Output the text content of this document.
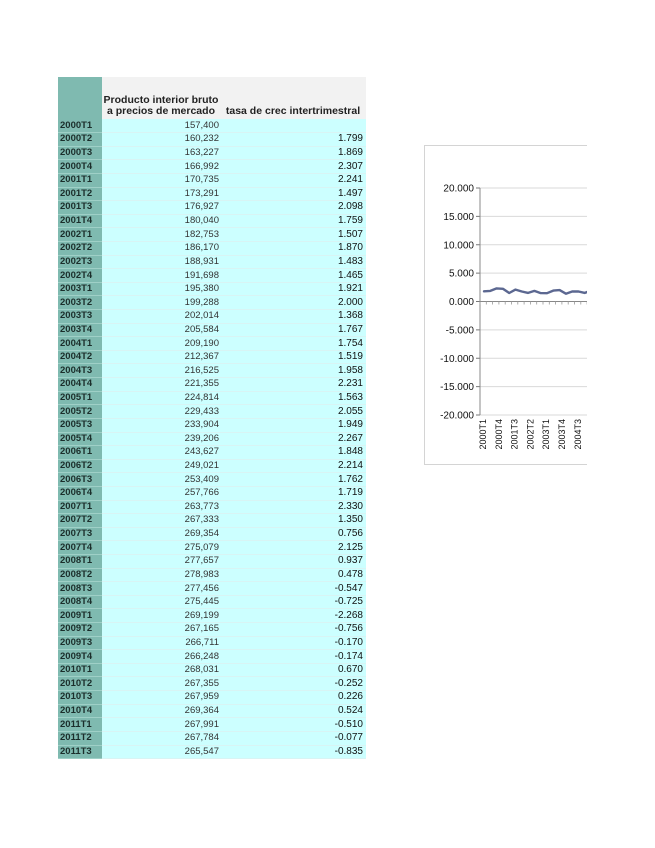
	Producto interior bruto a precios de mercado	tasa de crec intertrimestral
2000T1	157,400	
2000T2	160,232	1.799
2000T3	163,227	1.869
2000T4	166,992	2.307
2001T1	170,735	2.241
2001T2	173,291	1.497
2001T3	176,927	2.098
2001T4	180,040	1.759
2002T1	182,753	1.507
2002T2	186,170	1.870
2002T3	188,931	1.483
2002T4	191,698	1.465
2003T1	195,380	1.921
2003T2	199,288	2.000
2003T3	202,014	1.368
2003T4	205,584	1.767
2004T1	209,190	1.754
2004T2	212,367	1.519
2004T3	216,525	1.958
2004T4	221,355	2.231
2005T1	224,814	1.563
2005T2	229,433	2.055
2005T3	233,904	1.949
2005T4	239,206	2.267
2006T1	243,627	1.848
2006T2	249,021	2.214
2006T3	253,409	1.762
2006T4	257,766	1.719
2007T1	263,773	2.330
2007T2	267,333	1.350
2007T3	269,354	0.756
2007T4	275,079	2.125
2008T1	277,657	0.937
2008T2	278,983	0.478
2008T3	277,456	-0.547
2008T4	275,445	-0.725
2009T1	269,199	-2.268
2009T2	267,165	-0.756
2009T3	266,711	-0.170
2009T4	266,248	-0.174
2010T1	268,031	0.670
2010T2	267,355	-0.252
2010T3	267,959	0.226
2010T4	269,364	0.524
2011T1	267,991	-0.510
2011T2	267,784	-0.077
2011T3	265,547	-0.835
20.000
15.000
10.000
5.000
0.000
-5.000
-10.000
-15.000
-20.000
2000T1 2000T4 2001T3 2002T2 2003T1 2003T4 2004T3
